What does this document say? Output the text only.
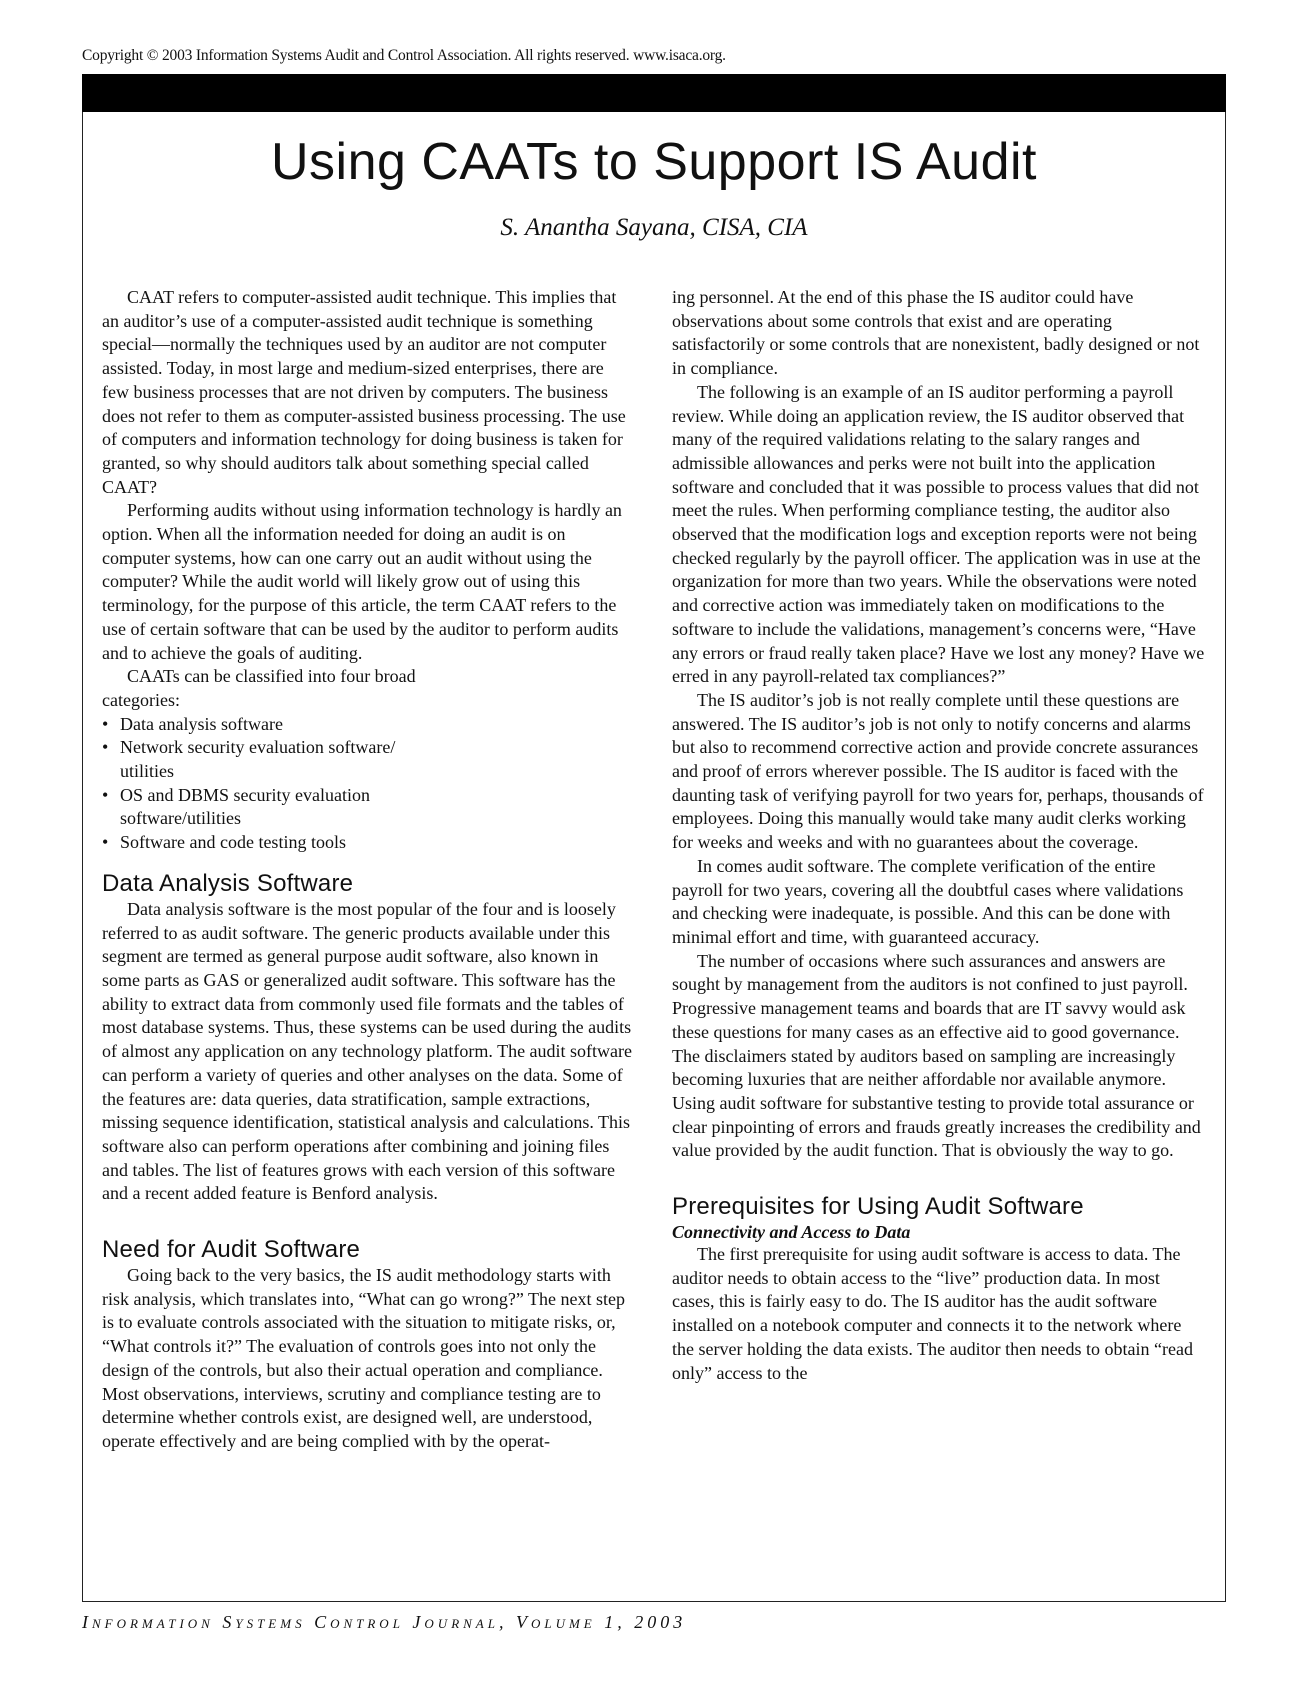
Copyright © 2003 Information Systems Audit and Control Association. All rights reserved. www.isaca.org.
Using CAATs to Support IS Audit
S. Anantha Sayana, CISA, CIA

CAAT refers to computer-assisted audit technique. This implies that an auditor’s use of a computer-assisted audit technique is something special—normally the techniques used by an auditor are not computer assisted. Today, in most large and medium-sized enterprises, there are few business processes that are not driven by computers. The business does not refer to them as computer-assisted business processing. The use of computers and information technology for doing business is taken for granted, so why should auditors talk about something special called CAAT?

Performing audits without using information technology is hardly an option. When all the information needed for doing an audit is on computer systems, how can one carry out an audit without using the computer? While the audit world will likely grow out of using this terminology, for the purpose of this article, the term CAAT refers to the use of certain software that can be used by the auditor to perform audits and to achieve the goals of auditing.

CAATs can be classified into four broad categories:

• Data analysis software
• Network security evaluation software/ utilities
• OS and DBMS security evaluation software/utilities
• Software and code testing tools
Data Analysis Software

Data analysis software is the most popular of the four and is loosely referred to as audit software. The generic products available under this segment are termed as general purpose audit software, also known in some parts as GAS or generalized audit software. This software has the ability to extract data from commonly used file formats and the tables of most database systems. Thus, these systems can be used during the audits of almost any application on any technology platform. The audit software can perform a variety of queries and other analyses on the data. Some of the features are: data queries, data stratification, sample extractions, missing sequence identification, statistical analysis and calculations. This software also can perform operations after combining and joining files and tables. The list of features grows with each version of this software and a recent added feature is Benford analysis.

Need for Audit Software

Going back to the very basics, the IS audit methodology starts with risk analysis, which translates into, “What can go wrong?” The next step is to evaluate controls associated with the situation to mitigate risks, or, “What controls it?” The evaluation of controls goes into not only the design of the controls, but also their actual operation and compliance. Most observations, interviews, scrutiny and compliance testing are to determine whether controls exist, are designed well, are understood, operate effectively and are being complied with by the operat-

ing personnel. At the end of this phase the IS auditor could have observations about some controls that exist and are operating satisfactorily or some controls that are nonexistent, badly designed or not in compliance.

The following is an example of an IS auditor performing a payroll review. While doing an application review, the IS auditor observed that many of the required validations relating to the salary ranges and admissible allowances and perks were not built into the application software and concluded that it was possible to process values that did not meet the rules. When performing compliance testing, the auditor also observed that the modification logs and exception reports were not being checked regularly by the payroll officer. The application was in use at the organization for more than two years. While the observations were noted and corrective action was immediately taken on modifications to the software to include the validations, management’s concerns were, “Have any errors or fraud really taken place? Have we lost any money? Have we erred in any payroll-related tax compliances?”

The IS auditor’s job is not really complete until these questions are answered. The IS auditor’s job is not only to notify concerns and alarms but also to recommend corrective action and provide concrete assurances and proof of errors wherever possible. The IS auditor is faced with the daunting task of verifying payroll for two years for, perhaps, thousands of employees. Doing this manually would take many audit clerks working for weeks and weeks and with no guarantees about the coverage.

In comes audit software. The complete verification of the entire payroll for two years, covering all the doubtful cases where validations and checking were inadequate, is possible. And this can be done with minimal effort and time, with guaranteed accuracy.

The number of occasions where such assurances and answers are sought by management from the auditors is not confined to just payroll. Progressive management teams and boards that are IT savvy would ask these questions for many cases as an effective aid to good governance. The disclaimers stated by auditors based on sampling are increasingly becoming luxuries that are neither affordable nor available anymore. Using audit software for substantive testing to provide total assurance or clear pinpointing of errors and frauds greatly increases the credibility and value provided by the audit function. That is obviously the way to go.

Prerequisites for Using Audit Software
Connectivity and Access to Data

The first prerequisite for using audit software is access to data. The auditor needs to obtain access to the “live” production data. In most cases, this is fairly easy to do. The IS auditor has the audit software installed on a notebook computer and connects it to the network where the server holding the data exists. The auditor then needs to obtain “read only” access to the

Information Systems Control Journal, Volume 1, 2003
